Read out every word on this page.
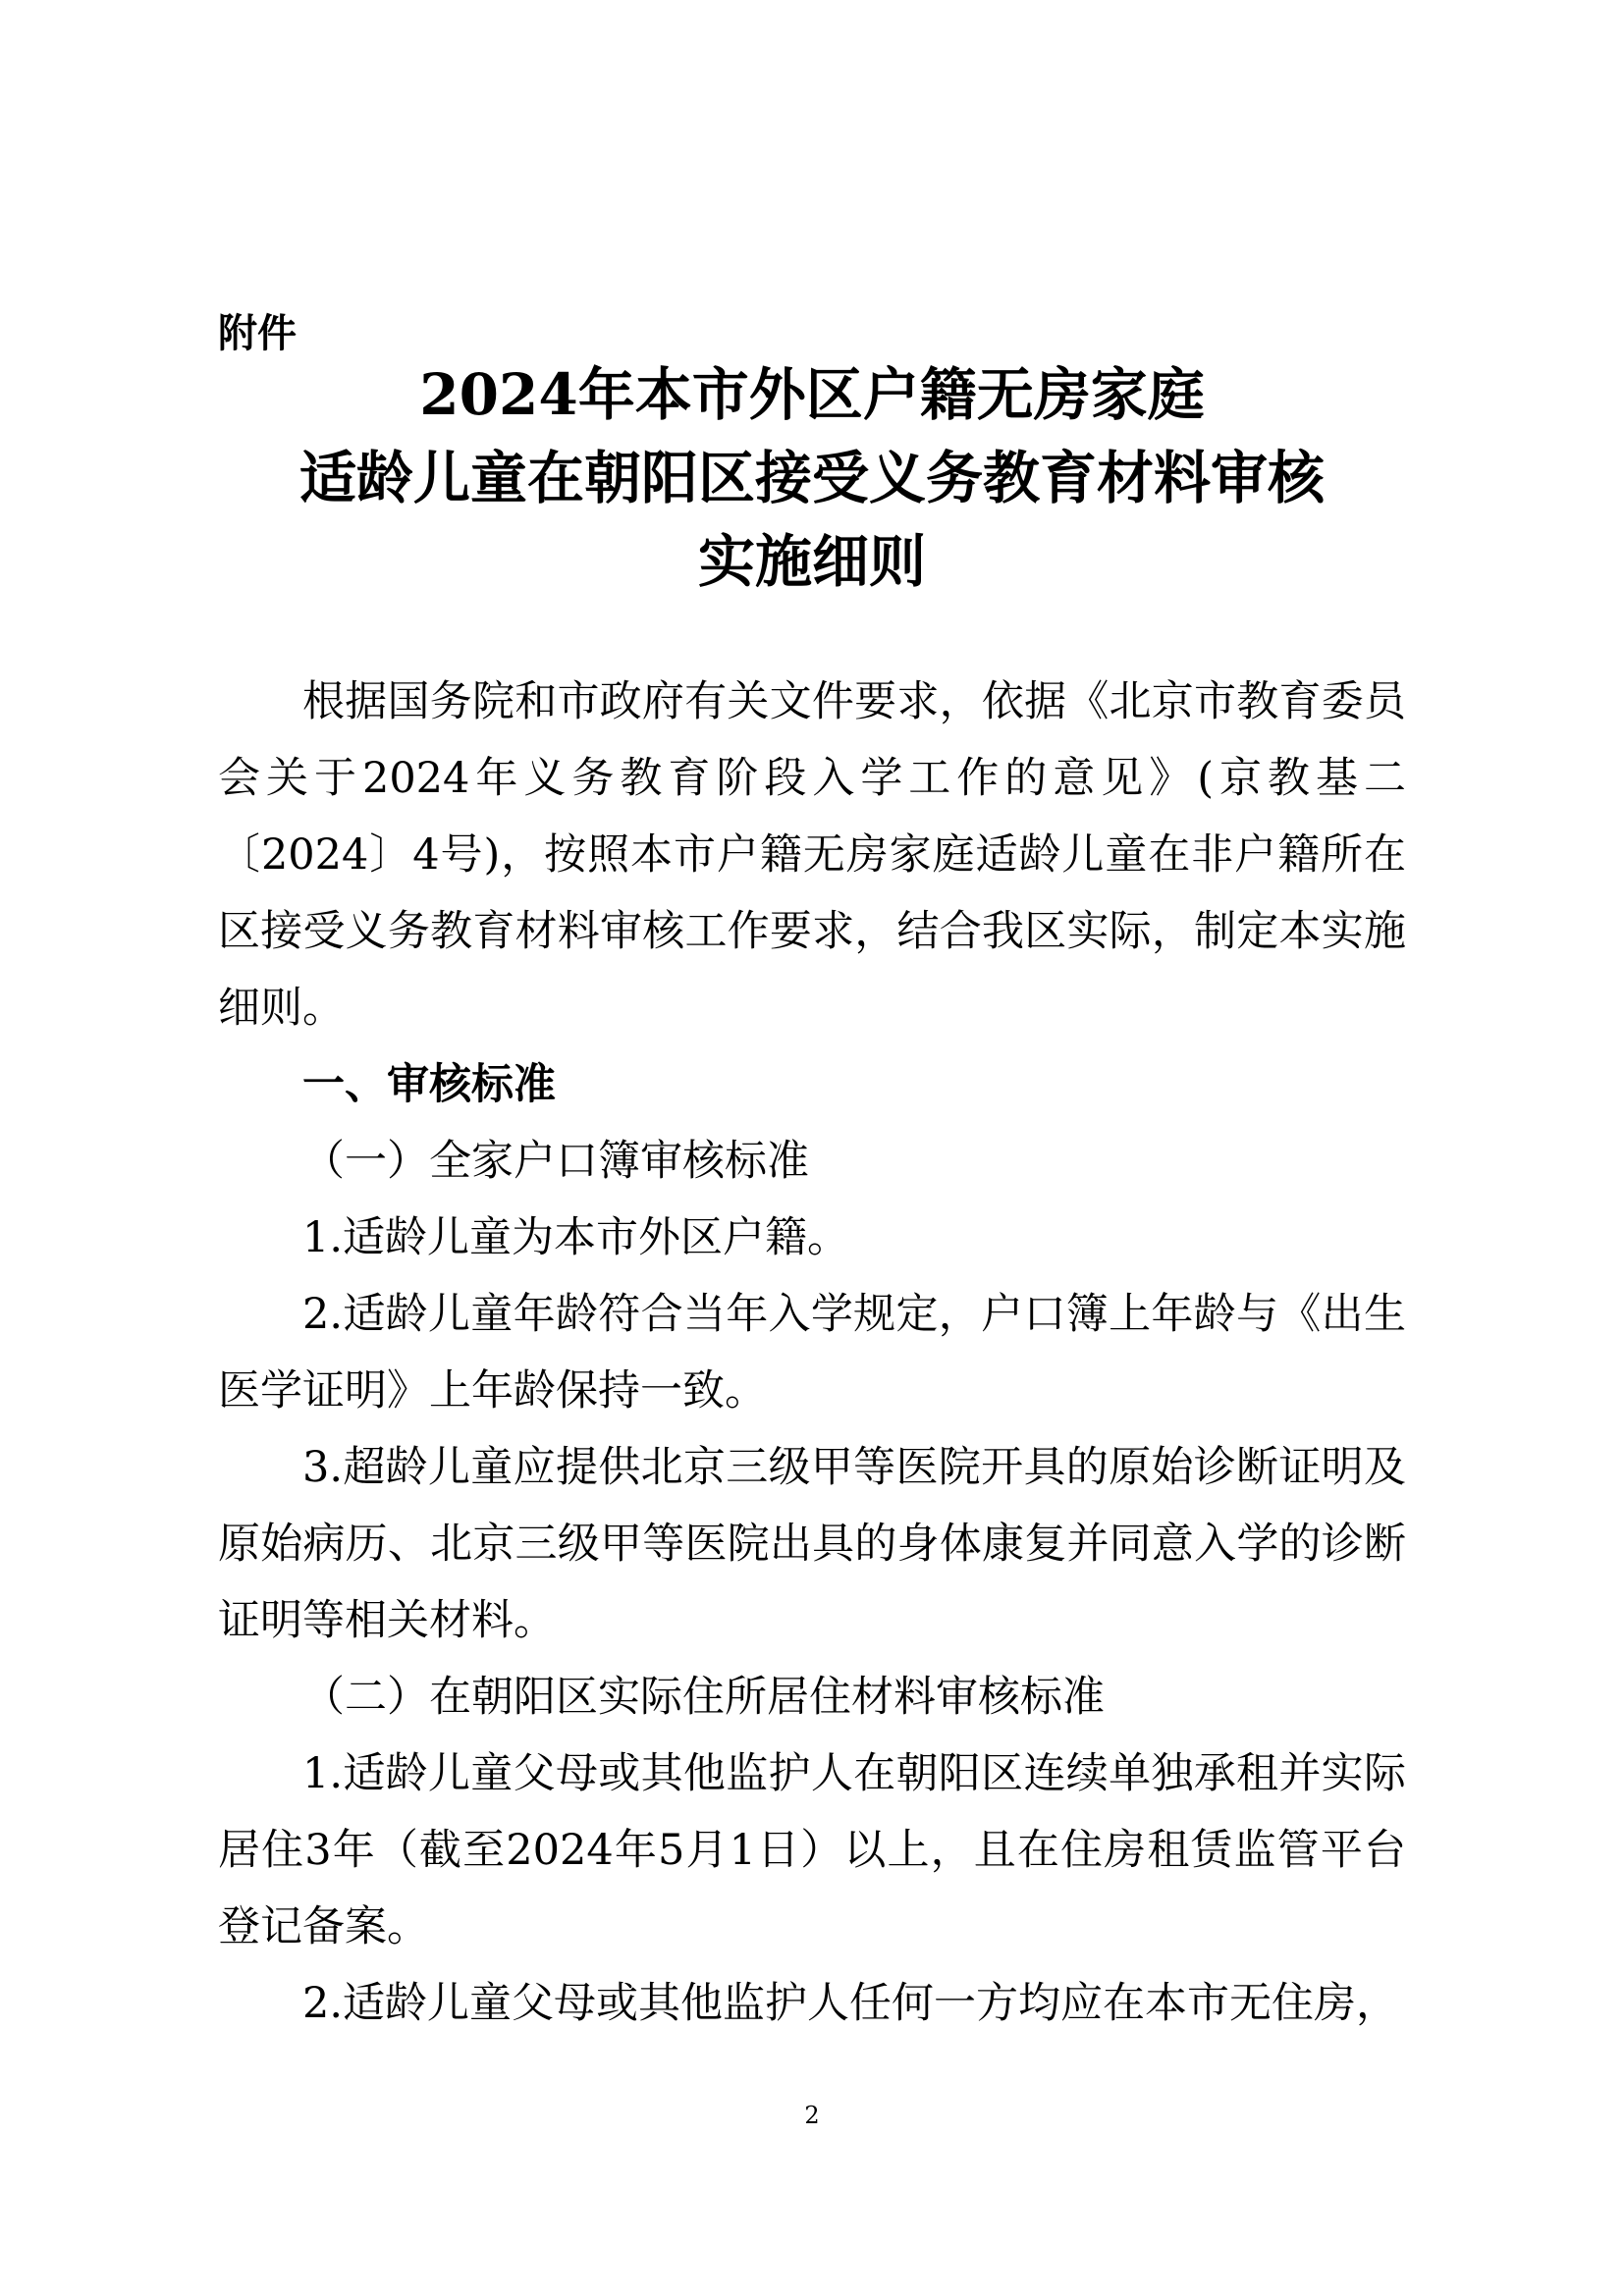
附件
2024年本市外区户籍无房家庭
适龄儿童在朝阳区接受义务教育材料审核
实施细则

根据国务院和市政府有关文件要求，依据《北京市教育委员会关于2024年义务教育阶段入学工作的意见》(京教基二〔2024〕4号)，按照本市户籍无房家庭适龄儿童在非户籍所在区接受义务教育材料审核工作要求，结合我区实际，制定本实施细则。

一、审核标准

（一）全家户口簿审核标准

1.适龄儿童为本市外区户籍。

2.适龄儿童年龄符合当年入学规定，户口簿上年龄与《出生医学证明》上年龄保持一致。

3.超龄儿童应提供北京三级甲等医院开具的原始诊断证明及原始病历、北京三级甲等医院出具的身体康复并同意入学的诊断证明等相关材料。

（二）在朝阳区实际住所居住材料审核标准

1.适龄儿童父母或其他监护人在朝阳区连续单独承租并实际居住3年（截至2024年5月1日）以上，且在住房租赁监管平台登记备案。

2.适龄儿童父母或其他监护人任何一方均应在本市无住房，

2
